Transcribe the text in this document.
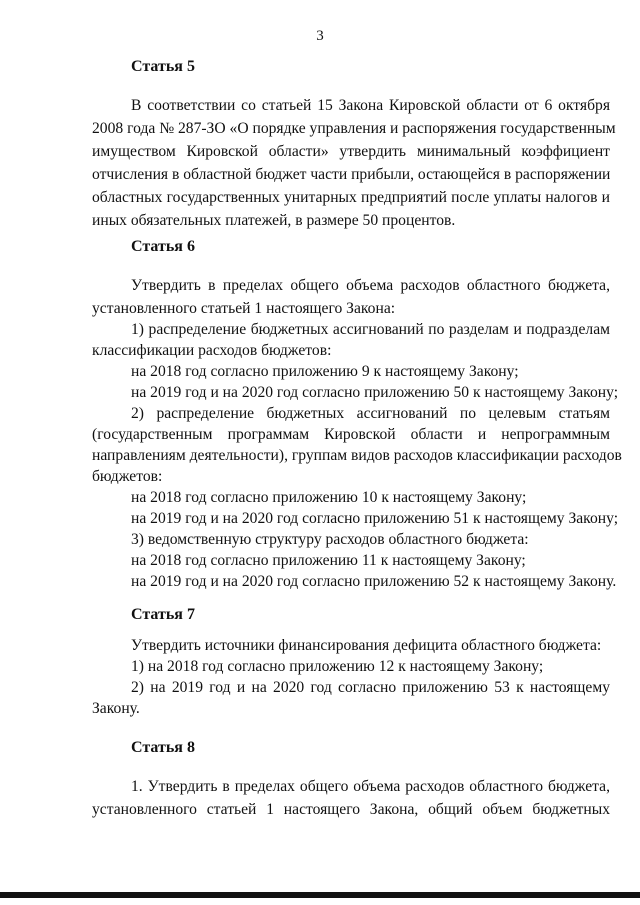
3
Статья 5
В соответствии со статьей 15 Закона Кировской области от 6 октября
2008 года № 287-ЗО «О порядке управления и распоряжения государственным
имуществом Кировской области» утвердить минимальный коэффициент
отчисления в областной бюджет части прибыли, остающейся в распоряжении
областных государственных унитарных предприятий после уплаты налогов и
иных обязательных платежей, в размере 50 процентов.
Статья 6
Утвердить в пределах общего объема расходов областного бюджета,
установленного статьей 1 настоящего Закона:
1) распределение бюджетных ассигнований по разделам и подразделам
классификации расходов бюджетов:
на 2018 год согласно приложению 9 к настоящему Закону;
на 2019 год и на 2020 год согласно приложению 50 к настоящему Закону;
2) распределение бюджетных ассигнований по целевым статьям
(государственным программам Кировской области и непрограммным
направлениям деятельности), группам видов расходов классификации расходов
бюджетов:
на 2018 год согласно приложению 10 к настоящему Закону;
на 2019 год и на 2020 год согласно приложению 51 к настоящему Закону;
3) ведомственную структуру расходов областного бюджета:
на 2018 год согласно приложению 11 к настоящему Закону;
на 2019 год и на 2020 год согласно приложению 52 к настоящему Закону.
Статья 7
Утвердить источники финансирования дефицита областного бюджета:
1) на 2018 год согласно приложению 12 к настоящему Закону;
2) на 2019 год и на 2020 год согласно приложению 53 к настоящему
Закону.
Статья 8
1. Утвердить в пределах общего объема расходов областного бюджета,
установленного статьей 1 настоящего Закона, общий объем бюджетных
